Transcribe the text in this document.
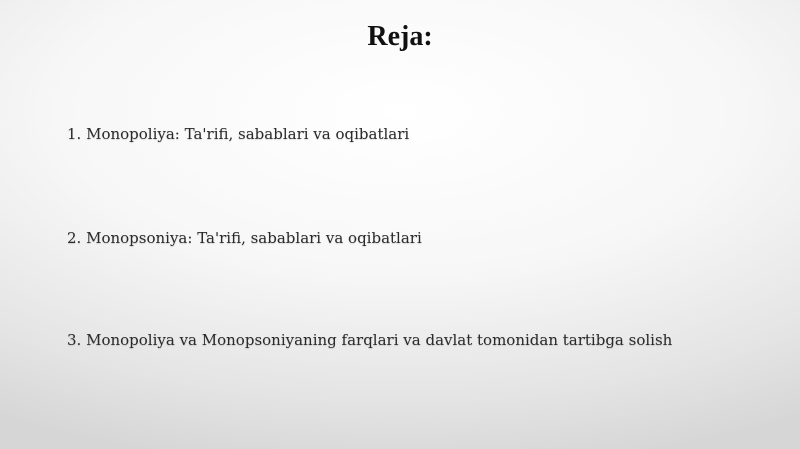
Reja:
1. Monopoliya: Ta'rifi, sabablari va oqibatlari
2. Monopsoniya: Ta'rifi, sabablari va oqibatlari
3. Monopoliya va Monopsoniyaning farqlari va davlat tomonidan tartibga solish
